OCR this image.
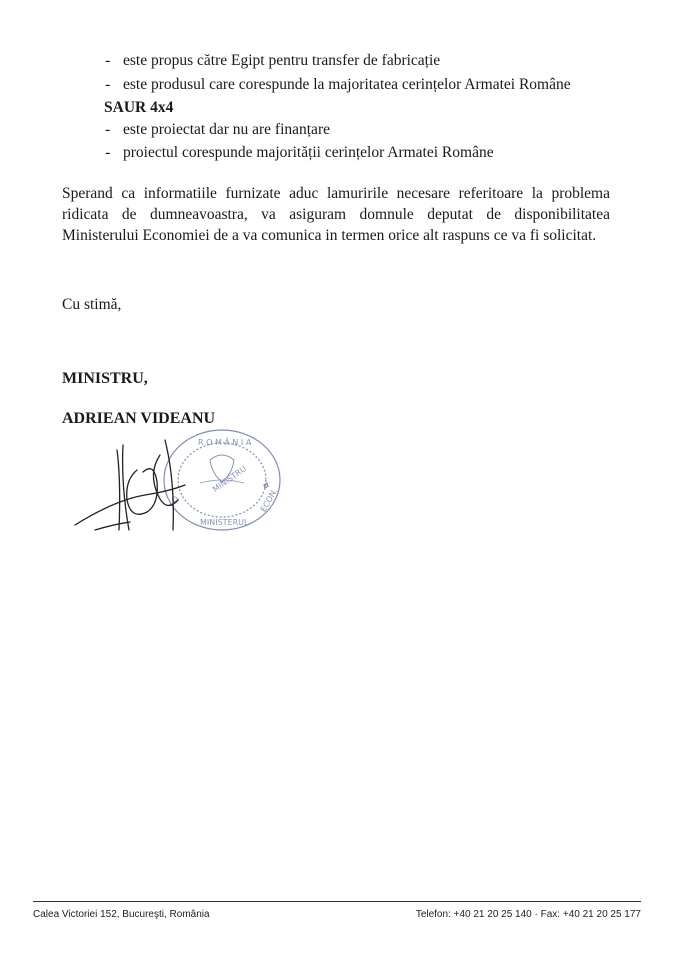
- este propus către Egipt pentru transfer de fabricație
- este produsul care corespunde la majoritatea cerințelor Armatei Române
SAUR 4x4
- este proiectat dar nu are finanțare
- proiectul corespunde majorității cerințelor Armatei Române
Sperand ca informatiile furnizate aduc lamuririle necesare referitoare la problema ridicata de dumneavoastra, va asiguram domnule deputat de disponibilitatea Ministerului Economiei de a va comunica in termen orice alt raspuns ce va fi solicitat.
Cu stimă,
MINISTRU,
ADRIEAN VIDEANU
R O M Â N I A
MINISTRU
Ω
MINISTERUL
ECON.
Calea Victoriei 152, Bucureşti, România	Telefon: +40 21 20 25 140 · Fax: +40 21 20 25 177
